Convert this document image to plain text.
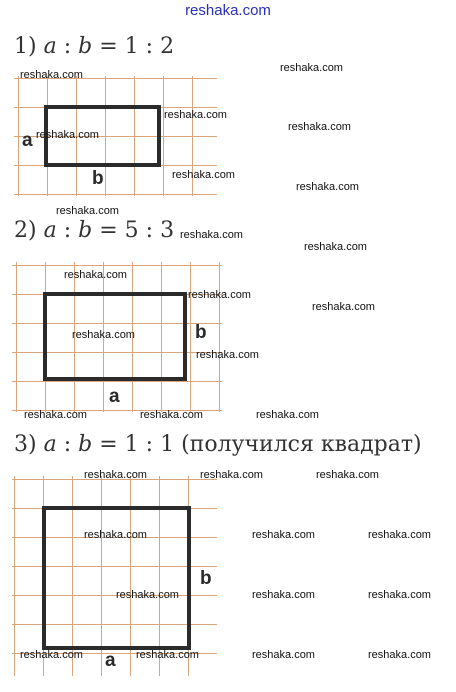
reshaka.com
1) a : b = 1 : 2
a
b
2) a : b = 5 : 3
b
a
3) a : b = 1 : 1 (получился квадрат)
b
a
reshaka.com
reshaka.com
reshaka.com
reshaka.com
reshaka.com
reshaka.com
reshaka.com
reshaka.com
reshaka.com
reshaka.com
reshaka.com
reshaka.com
reshaka.com
reshaka.com
reshaka.com
reshaka.com	reshaka.com	reshaka.com
reshaka.com	reshaka.com	reshaka.com
reshaka.com	reshaka.com	reshaka.com
reshaka.com	reshaka.com	reshaka.com
reshaka.com	reshaka.com	reshaka.com	reshaka.com
